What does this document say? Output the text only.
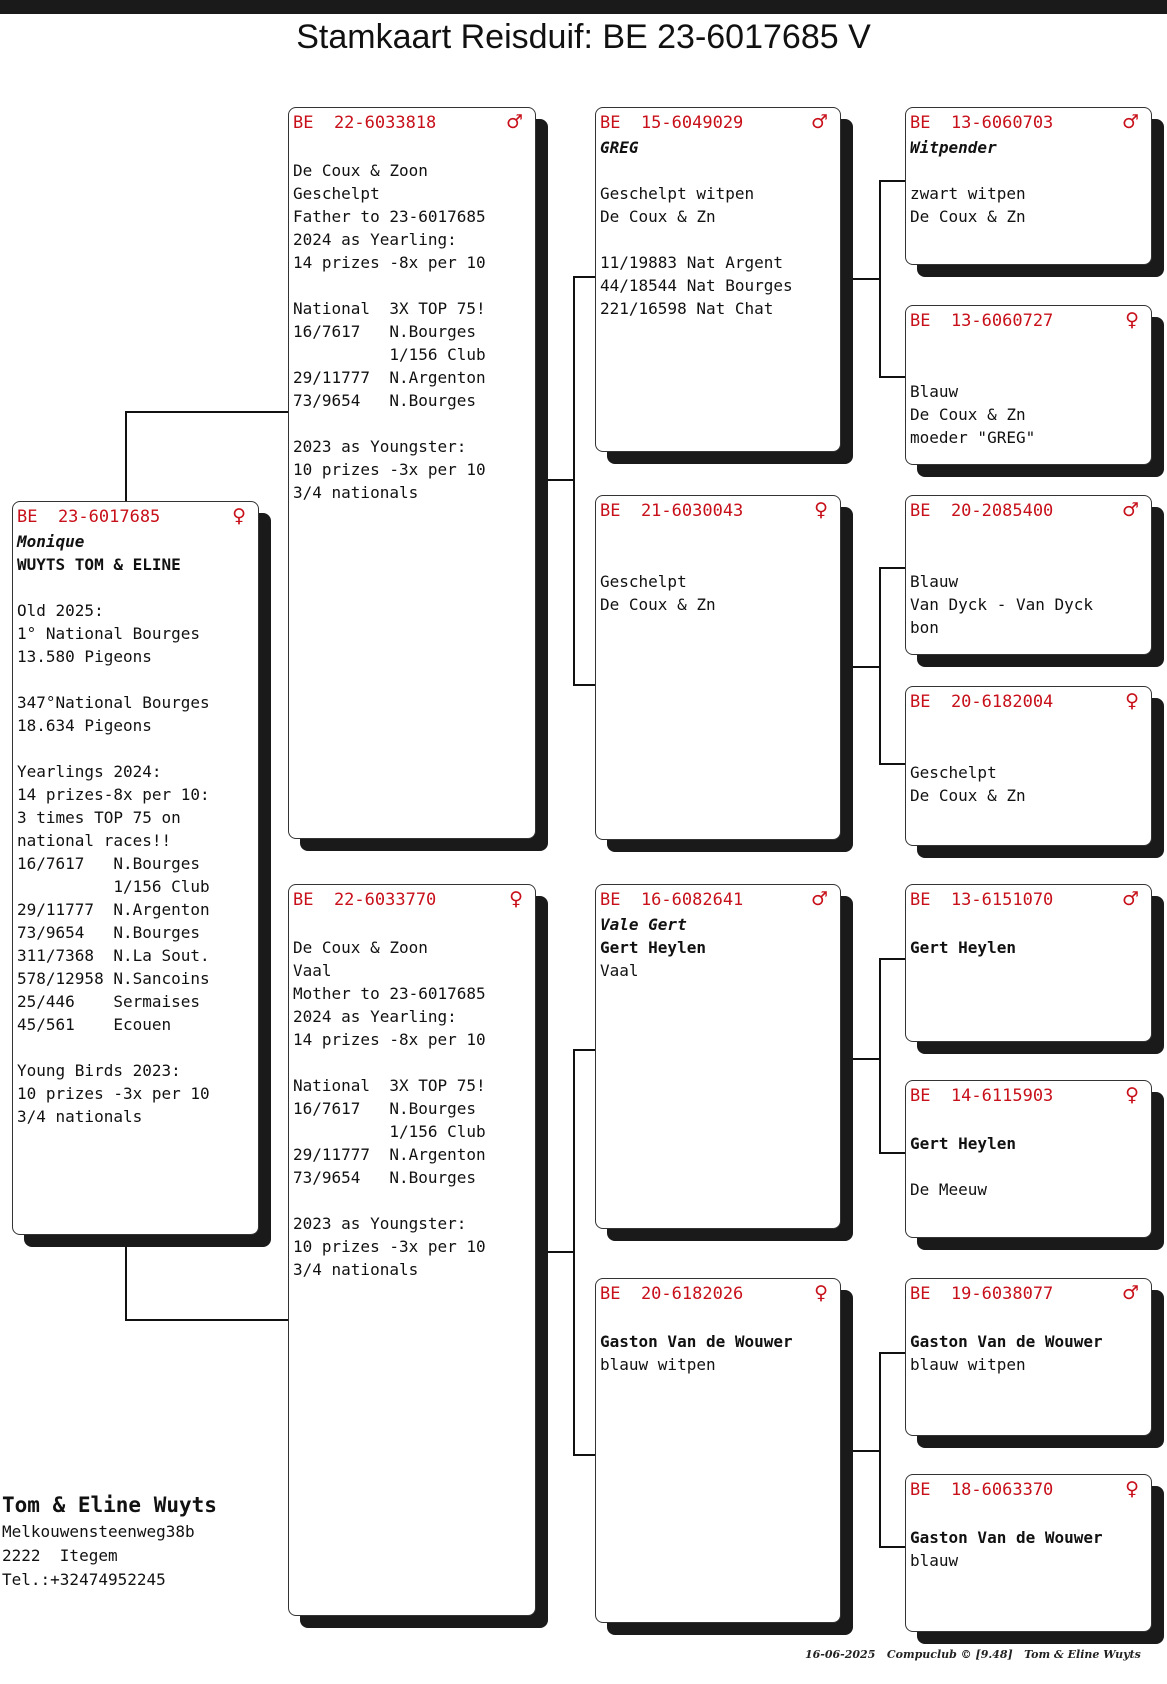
Stamkaart Reisduif: BE 23-6017685 V
BE  23-6017685	♀
Monique
WUYTS TOM & ELINE
Old 2025:
1° National Bourges
13.580 Pigeons
347°National Bourges
18.634 Pigeons
Yearlings 2024:
14 prizes-8x per 10:
3 times TOP 75 on
national races!!
16/7617   N.Bourges
1/156 Club
29/11777  N.Argenton
73/9654   N.Bourges
311/7368  N.La Sout.
578/12958 N.Sancoins
25/446    Sermaises
45/561    Ecouen
Young Birds 2023:
10 prizes -3x per 10
3/4 nationals
BE  22-6033818	♂
De Coux & Zoon
Geschelpt
Father to 23-6017685
2024 as Yearling:
14 prizes -8x per 10
National  3X TOP 75!
16/7617   N.Bourges
1/156 Club
29/11777  N.Argenton
73/9654   N.Bourges
2023 as Youngster:
10 prizes -3x per 10
3/4 nationals
BE  22-6033770	♀
De Coux & Zoon
Vaal
Mother to 23-6017685
2024 as Yearling:
14 prizes -8x per 10
National  3X TOP 75!
16/7617   N.Bourges
1/156 Club
29/11777  N.Argenton
73/9654   N.Bourges
2023 as Youngster:
10 prizes -3x per 10
3/4 nationals
BE  15-6049029	♂
GREG
Geschelpt witpen
De Coux & Zn
11/19883 Nat Argent
44/18544 Nat Bourges
221/16598 Nat Chat
BE  21-6030043	♀
Geschelpt
De Coux & Zn
BE  16-6082641	♂
Vale Gert
Gert Heylen
Vaal
BE  20-6182026	♀
Gaston Van de Wouwer
blauw witpen
BE  13-6060703	♂
Witpender
zwart witpen
De Coux & Zn
BE  13-6060727	♀
Blauw
De Coux & Zn
moeder "GREG"
BE  20-2085400	♂
Blauw
Van Dyck - Van Dyck
bon
BE  20-6182004	♀
Geschelpt
De Coux & Zn
BE  13-6151070	♂
Gert Heylen
BE  14-6115903	♀
Gert Heylen
De Meeuw
BE  19-6038077	♂
Gaston Van de Wouwer
blauw witpen
BE  18-6063370	♀
Gaston Van de Wouwer
blauw
Tom & Eline Wuyts
Melkouwensteenweg38b
2222  Itegem
Tel.:+32474952245
16-06-2025   Compuclub © [9.48]   Tom & Eline Wuyts
